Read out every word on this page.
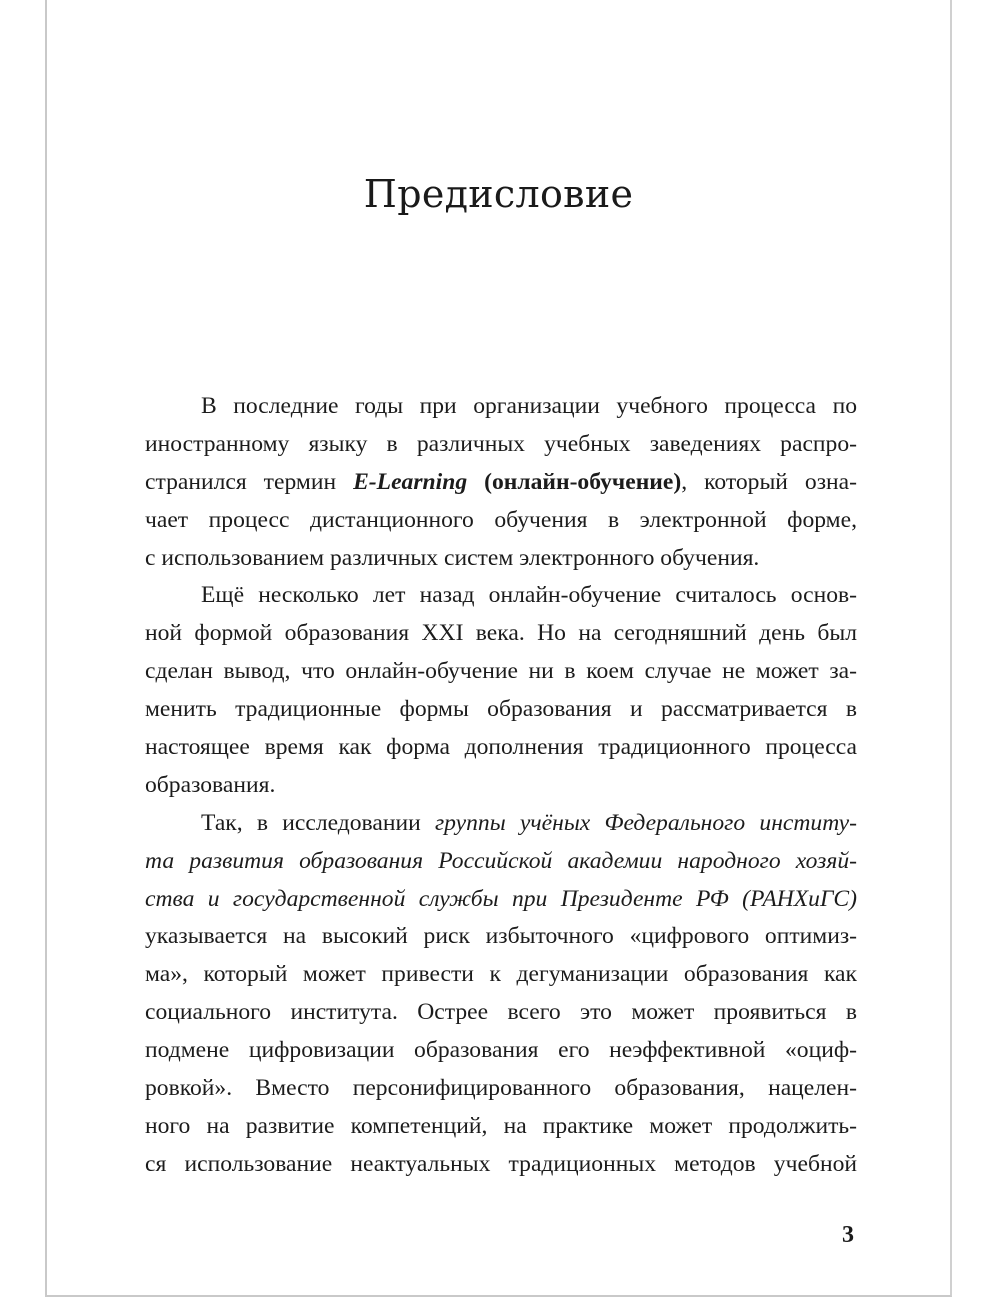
Предисловие
В последние годы при организации учебного процесса по
иностранному языку в различных учебных заведениях распро-
странился термин E-Learning (онлайн-обучение), который озна-
чает процесс дистанционного обучения в электронной форме,
с использованием различных систем электронного обучения.
Ещё несколько лет назад онлайн-обучение считалось основ-
ной формой образования XXI века. Но на сегодняшний день был
сделан вывод, что онлайн-обучение ни в коем случае не может за-
менить традиционные формы образования и рассматривается в
настоящее время как форма дополнения традиционного процесса
образования.
Так, в исследовании группы учёных Федерального институ-
та развития образования Российской академии народного хозяй-
ства и государственной службы при Президенте РФ (РАНХиГС)
указывается на высокий риск избыточного «цифрового оптимиз-
ма», который может привести к дегуманизации образования как
социального института. Острее всего это может проявиться в
подмене цифровизации образования его неэффективной «оциф-
ровкой». Вместо персонифицированного образования, нацелен-
ного на развитие компетенций, на практике может продолжить-
ся использование неактуальных традиционных методов учебной
3
